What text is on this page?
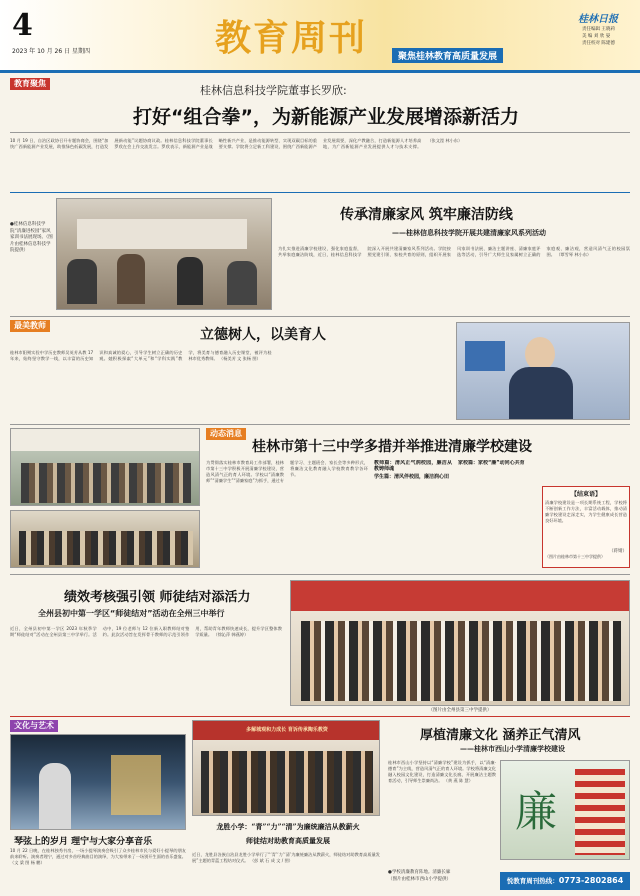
4
2023 年 10 月 26 日 星期四	教育周刊	聚焦桂林教育高质量发展
桂林日报
责任编辑 王晓莉
美 编 刘 欣 晏
责任校对 陈建德
教育聚焦
桂林信息科技学院董事长罗欣:
打好“组合拳”，为新能源产业发展增添新活力
10 月 19 日，自治区政协召开专题协商会，围绕“加快广西新能源产业发展，助推绿色低碳发展，打造发展新动能”议题协商议政。桂林信息科技学院董事长罗欣在会上作交流发言。罗欣表示，新能源产业是战略性新兴产业，是推动能源转型、实现双碳目标的重要支撑。学院将立足新工科建设，围绕广西新能源产业发展需要，深化产教融合，打造新能源人才培养高地，为广西新能源产业发展提供人才与技术支撑。 （张文滢 林小东）
●桂林信息科技学院“清廉进校园”家风家训书法展现场。（图片由桂林信息科技学院提供）
传承清廉家风 筑牢廉洁防线
——桂林信息科技学院开展共建清廉家风系列活动
为扎实推进清廉学校建设，强化家庭监督，共举家庭廉洁防线，近日，桂林信息科技学院深入开展共建清廉家风系列活动。学院按照党建引领、家校共育的原则，组织开展家风家训书法展、廉洁主题讲座、清廉家庭评选等活动，引导广大师生及家属树立正确的家庭观、廉洁观，营造风清气正的校园氛围。 （覃雪琴 林小东）
最美教师
立德树人，以美育人
桂林市阳朔实验中学历史教师吴英芳从教 17 年来，始终坚守教学一线，以丰富的历史知识和真诚的爱心，引导学生树立正确的历史观。她积极探索“大单元”和“学科实践”教学，将美育与德育融入历史课堂，被评为桂林市优秀教师。 （杨美芳 文 张杨 图）
动态消息
桂林市第十三中学多措并举推进清廉学校建设
为贯彻落实桂林市教育局工作部署，桂林市第十三中学积极开展清廉学校建设，营造风清气正的育人环境。学校以“清廉教师”“清廉学生”“清廉家庭”为抓手，通过专题学习、主题班会、家长会等多种形式，将廉洁文化教育融入学校教育教学各环节。
教师篇：清风正气润校园，廉洁从教铸师魂
学生篇：清风伴校园，廉洁润心田
家校篇：家校“廉”动同心共育
【结束语】
清廉学校建设是一项长期系统工程，学校将不断创新工作方法，丰富活动载体，推动清廉学校建设走深走实，为学生健康成长营造良好环境。
（蒋婧）
（图片由桂林市第十三中学提供）
绩效考核强引领 师徒结对添活力
全州县初中第一学区“师徒结对”活动在全州三中举行
近日，全州县初中第一学区 2023 年秋季学期“师徒结对”活动在全州县第三中学举行。活动中，19 位老师与 12 位新入职教师结对签约。此次活动旨在发挥骨干教师的示范引领作用，帮助青年教师快速成长，提升学区整体教学质量。 （徐沁萍 韩燕婷）
（图片由全州县第三中学提供）
文化与艺术
琴弦上的岁月 理宁与大家分享音乐
10 月 22 日晚，在桂林独秀书房，一场小提琴演奏会吸引了众多桂林市民与爱好小提琴的朋友前来聆听。演奏者理宁，通过对多首经典曲目的演绎，为大家带来了一场别开生面的音乐盛宴。 （文 梁 图 杨 鹏）
多解城观和力成长 育诉传承陶乐教资
龙胜小学：“青”“力”“清”为廉统廉洁从教薪火
师徒结对助教育高质量发展
近日，龙胜县各族自治县龙胜小学举行了“‘青’‘力’‘清’为廉统廉洁从教薪火，师徒结对助教育高质量发展”主题的青蓝工程结对仪式。 （彭 斌 石 成 文 / 图）
厚植清廉文化 涵养正气清风
——桂林市西山小学清廉学校建设
桂林市西山小学坚持以“清廉学校”建设为抓手，以“清廉·德育”为主线，营造风清气正的育人环境。学校将清廉文化融入校园文化建设，打造清廉文化长廊，开展廉洁主题教育活动，引导师生崇廉尚洁。 （黄 燕 陈 慧）
廉
●学校清廉教育阵地。清廉长廊
（图片由桂林市西山小学提供）	悦教育周刊热线：0773-2802864
